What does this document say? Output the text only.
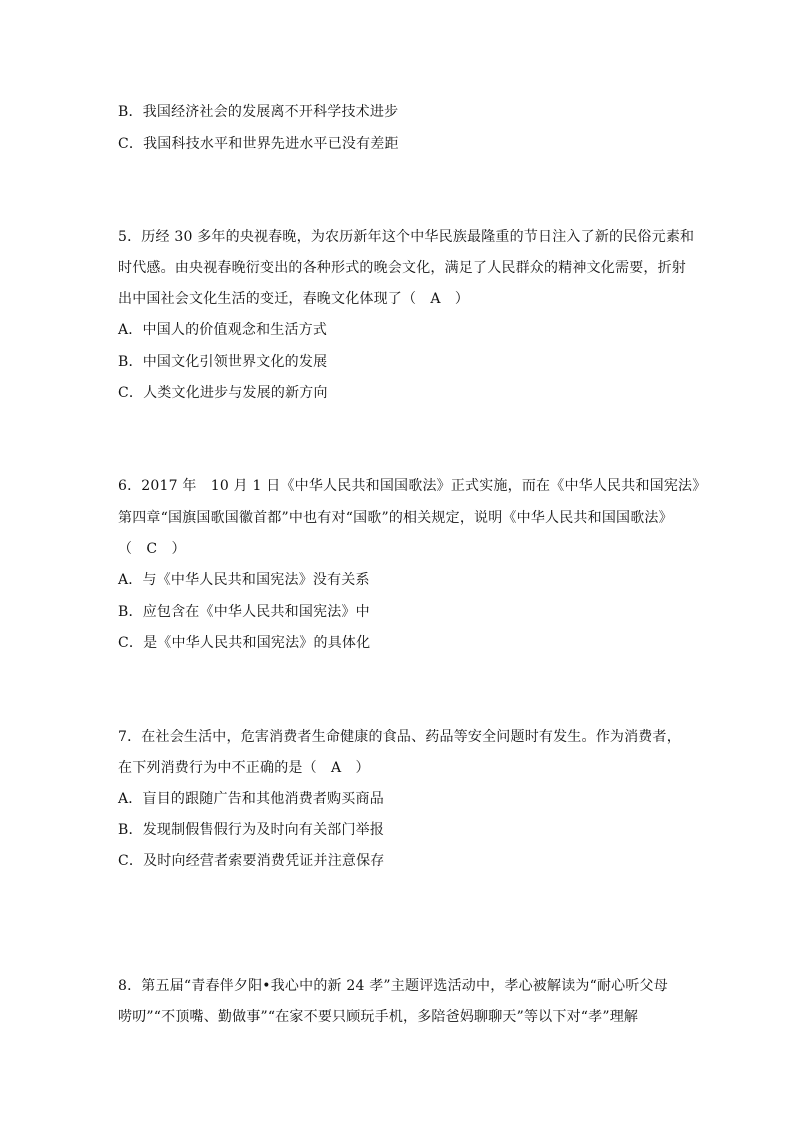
B．我国经济社会的发展离不开科学技术进步
C．我国科技水平和世界先进水平已没有差距
5．历经 30 多年的央视春晚，为农历新年这个中华民族最隆重的节日注入了新的民俗元素和
时代感。由央视春晚衍变出的各种形式的晚会文化，满足了人民群众的精神文化需要，折射
出中国社会文化生活的变迁，春晚文化体现了（　A　）
A．中国人的价值观念和生活方式
B．中国文化引领世界文化的发展
C．人类文化进步与发展的新方向
6．2017 年　10 月 1 日《中华人民共和国国歌法》正式实施，而在《中华人民共和国宪法》
第四章“国旗国歌国徽首都”中也有对“国歌”的相关规定，说明《中华人民共和国国歌法》
（　C　）
A．与《中华人民共和国宪法》没有关系
B．应包含在《中华人民共和国宪法》中
C．是《中华人民共和国宪法》的具体化
7．在社会生活中，危害消费者生命健康的食品、药品等安全问题时有发生。作为消费者，
在下列消费行为中不正确的是（　A　）
A．盲目的跟随广告和其他消费者购买商品
B．发现制假售假行为及时向有关部门举报
C．及时向经营者索要消费凭证并注意保存
8．第五届“青春伴夕阳•我心中的新 24 孝”主题评选活动中，孝心被解读为“耐心听父母
唠叨”“不顶嘴、勤做事”“在家不要只顾玩手机，多陪爸妈聊聊天”等以下对“孝”理解
